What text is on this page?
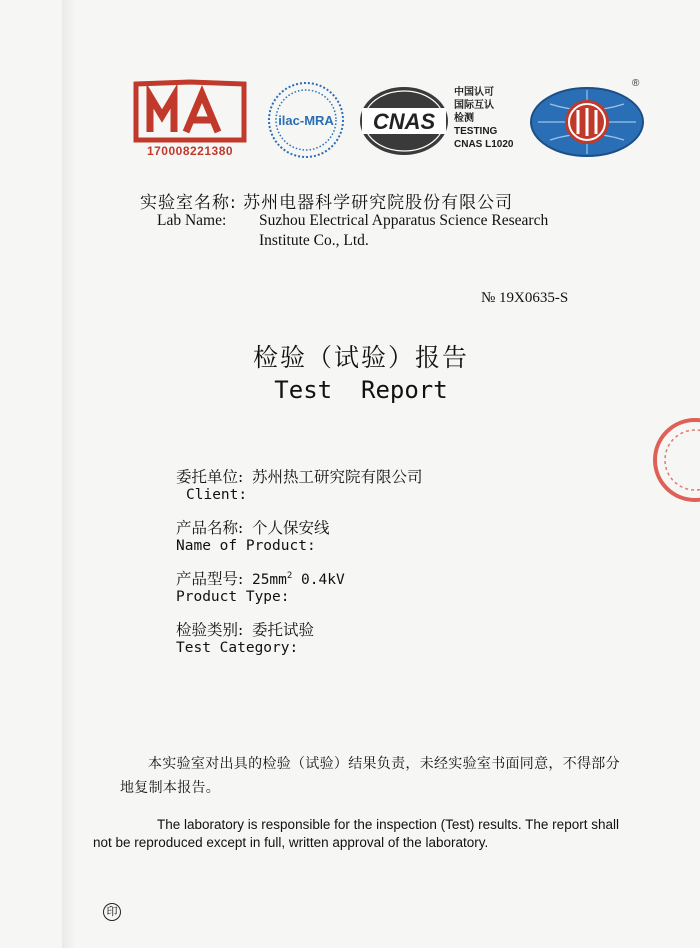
170008221380
ilac-MRA CNAS
中国认可
国际互认
检测
TESTING
CNAS L1020
®
实验室名称: 苏州电器科学研究院股份有限公司
Lab Name: Suzhou Electrical Apparatus Science Research Institute Co., Ltd.
№ 19X0635-S
检验（试验）报告
Test  Report
委托单位: 苏州热工研究院有限公司
Client:
产品名称: 个人保安线
Name of Product:
产品型号: $25mm^2$ 0.4kV
Product Type:
检验类别: 委托试验
Test Category:
本实验室对出具的检验（试验）结果负责，未经实验室书面同意，不得部分地复制本报告。
The laboratory is responsible for the inspection (Test) results. The report shall
not be reproduced except in full, written approval of the laboratory.
印
